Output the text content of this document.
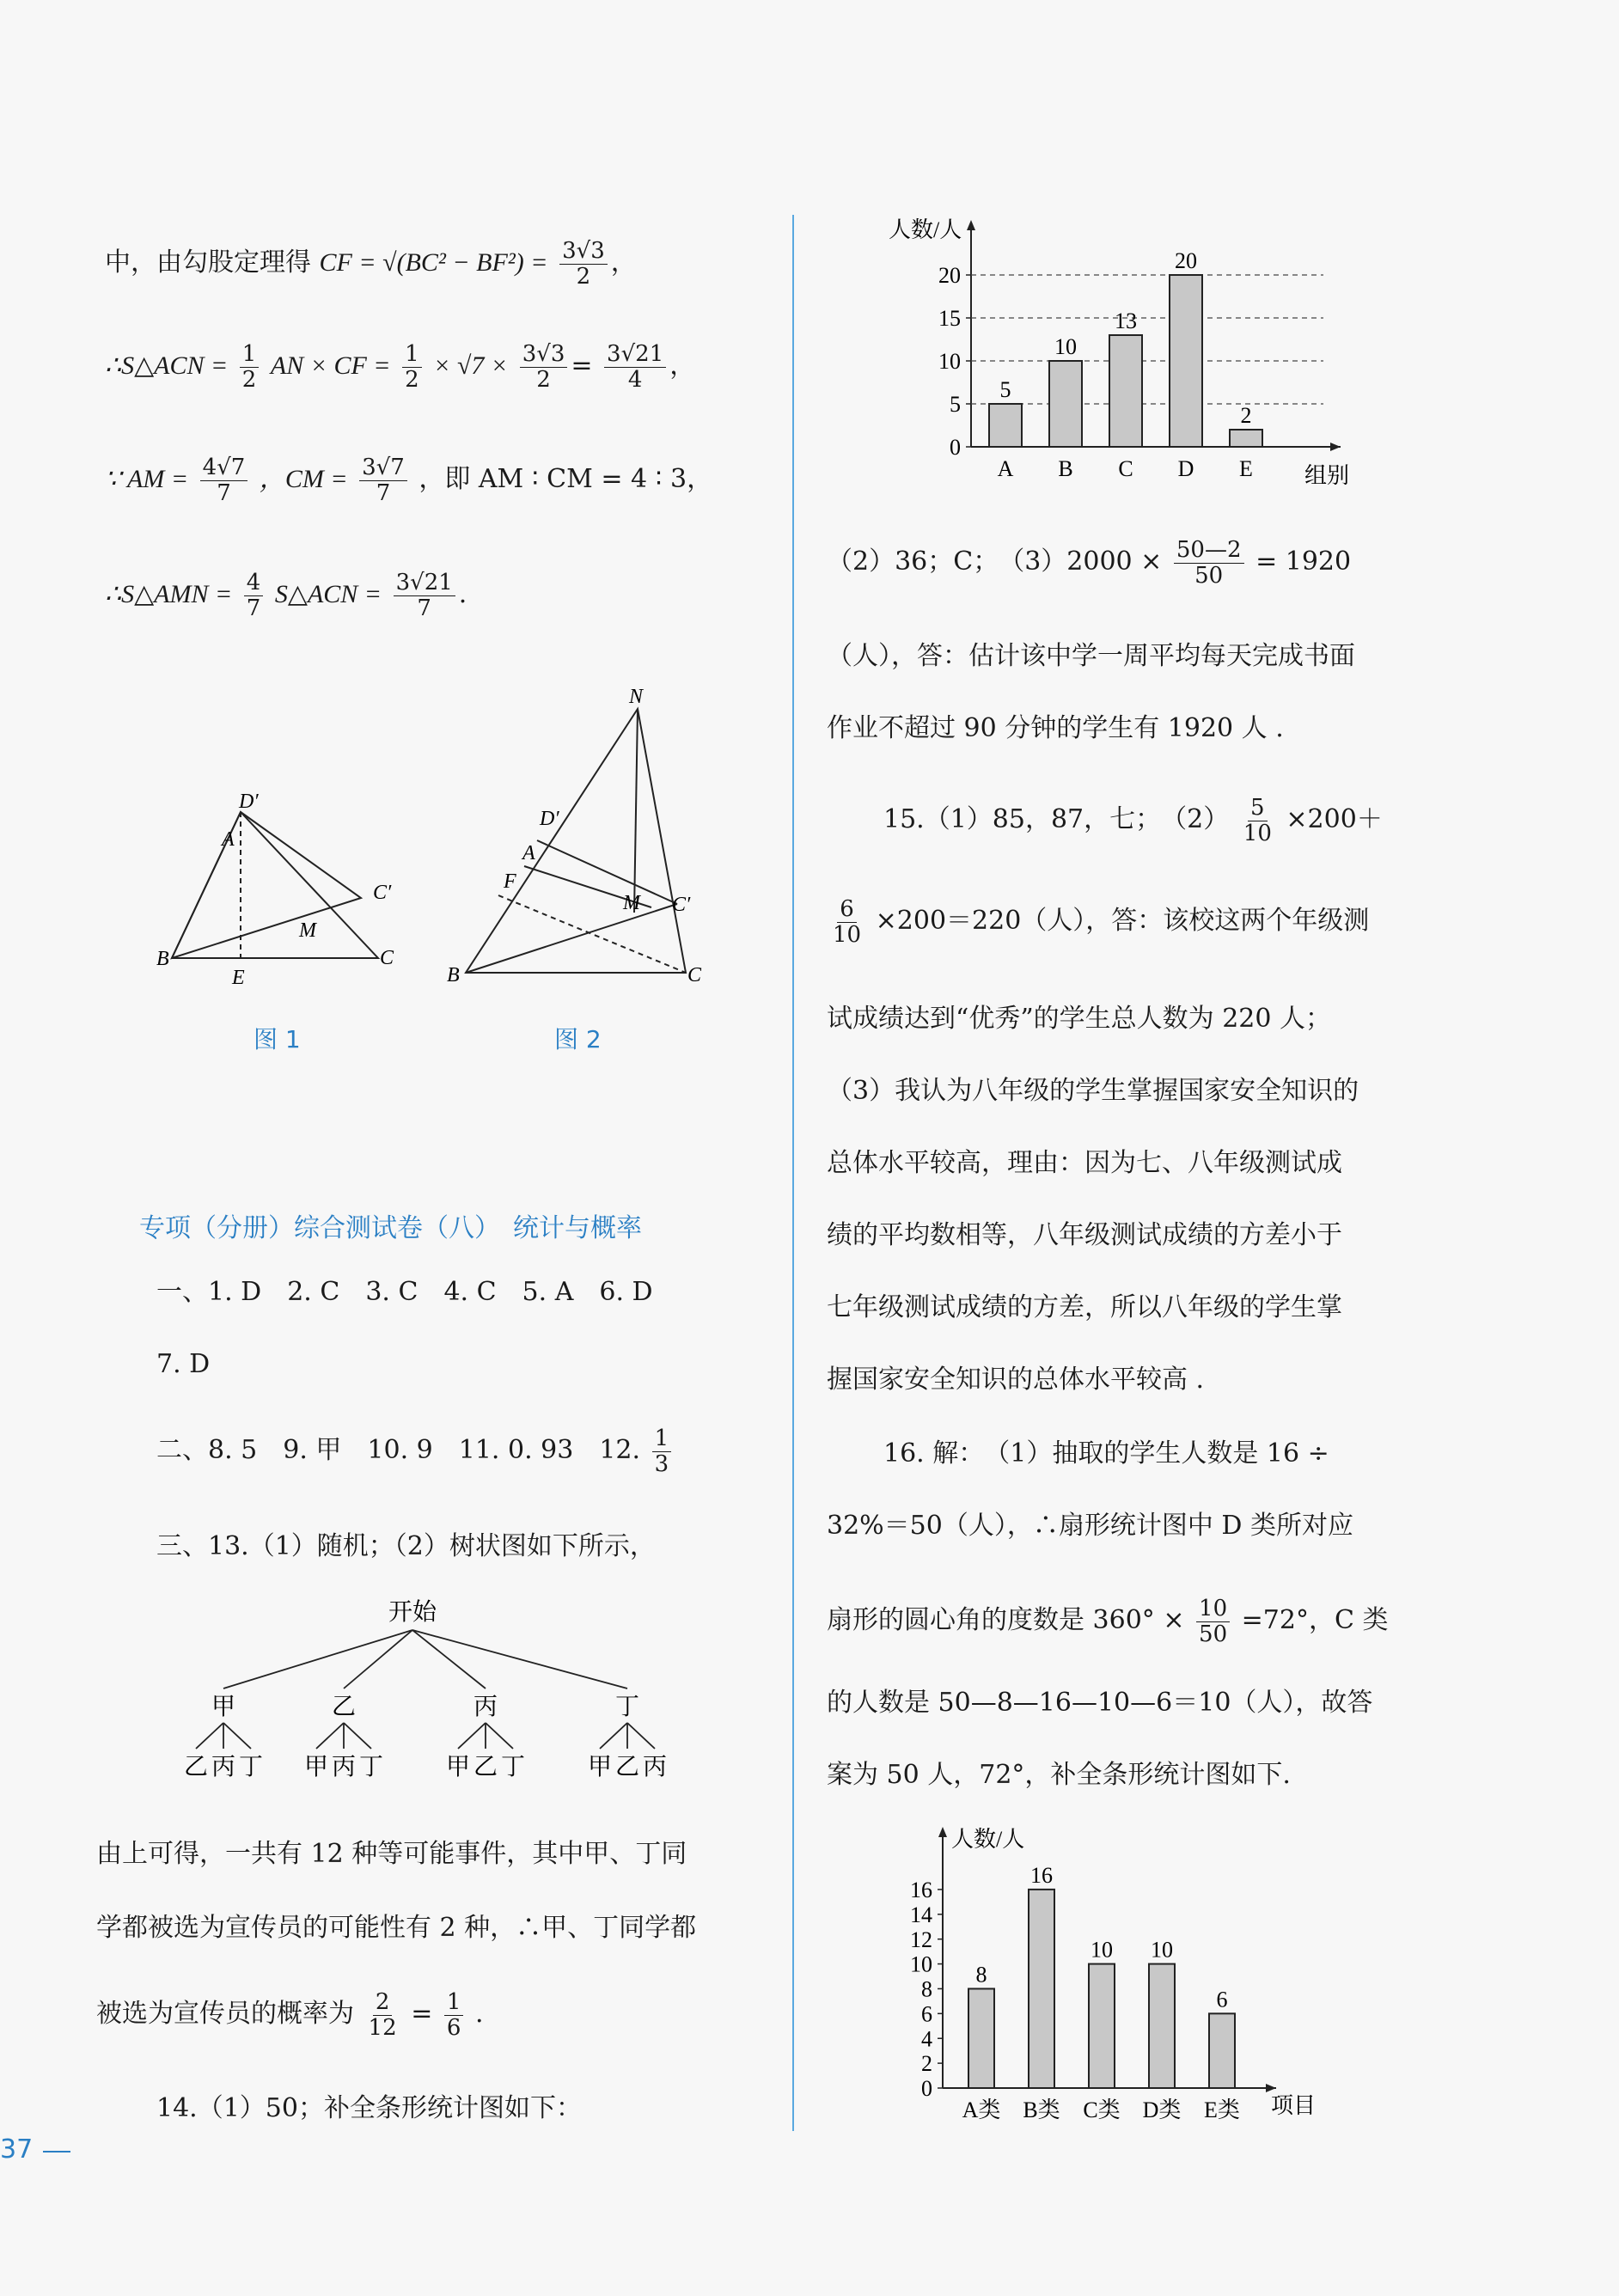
中，由勾股定理得 CF = $√(BC^2 - BF^2) = \frac{3√3}{2}$ ，
∴S△ACN = $\frac{1}{2}$ AN × CF = $\frac{1}{2} \times √7 \times \frac{3√3}{2} = \frac{3√21}{4}$ ，
∵ AM = $\frac{4√7}{7}$ ，CM = $\frac{3√7}{7}$ ，即 AM ∶ CM = 4 ∶ 3，
∴S△AMN = $\frac{4}{7}$ S△ACN = $\frac{3√21}{7}$ .
D′
A
B
E
M
C′
C
图 1
N
D′
A
F
M C′
B	C
图 2
专项（分册）综合测试卷（八）　统计与概率
一、1. D　2. C　3. C　4. C　5. A　6. D
7. D
二、8. 5　9. 甲　10. 9　11. 0. 93　12. $\frac{1}{3}$
三、13.（1）随机；（2）树状图如下所示，
开始
甲
乙 丙 丁
乙
甲 丙 丁
丙
甲 乙 丁
丁
甲 乙 丙
由上可得，一共有 12 种等可能事件，其中甲、丁同
学都被选为宣传员的可能性有 2 种，∴甲、丁同学都
被选为宣传员的概率为 $\frac{2}{12} = \frac{1}{6}$ .
14.（1）50；补全条形统计图如下：
37
人数/人
组别
0
5
10
15
20
5
A
10
B
13
C
20
D
2
E
（2）36；C；　$(3)2000 \times \frac{50—2}{50} = 1920$
（人），答：估计该中学一周平均每天完成书面
作业不超过 90 分钟的学生有 1920 人 .
15.（1）85，87，七；　$(2) \frac{5}{10} \times 200+$
$\frac{6}{10} \times 200=220$（人），答：该校这两个年级测
试成绩达到“优秀”的学生总人数为 220 人；
（3）我认为八年级的学生掌握国家安全知识的
总体水平较高，理由：因为七、八年级测试成
绩的平均数相等，八年级测试成绩的方差小于
七年级测试成绩的方差，所以八年级的学生掌
握国家安全知识的总体水平较高 .
16. 解：　（1）抽取的学生人数是 16 ÷
32%＝50（人），∴扇形统计图中 D 类所对应
扇形的圆心角的度数是 $360^\circ \times \frac{10}{50} =72^\circ$，C 类
的人数是 50—8—16—10—6＝10（人），故答
案为 50 人，72°，补全条形统计图如下.
人数/人
项目
0
2
4
6
8
10
12
14
16
8
A类
16
B类
10
C类
10
D类
6
E类
